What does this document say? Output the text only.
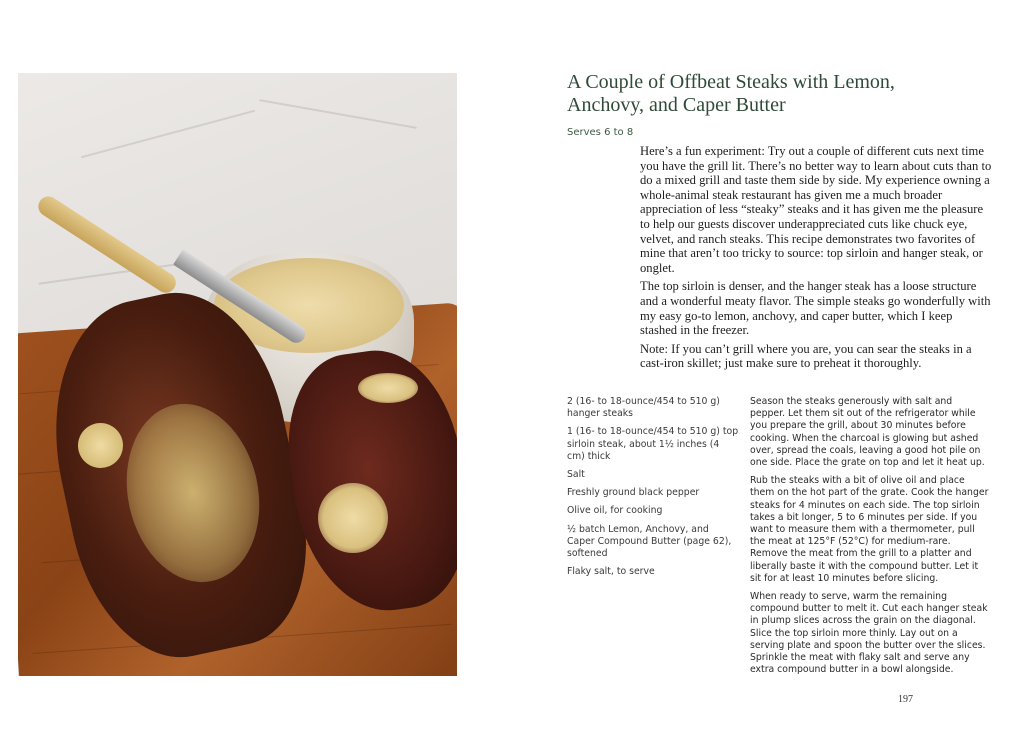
A Couple of Offbeat Steaks with Lemon,
Anchovy, and Caper Butter
Serves 6 to 8

Here’s a fun experiment: Try out a couple of different cuts next time you have the grill lit. There’s no better way to learn about cuts than to do a mixed grill and taste them side by side. My experience owning a whole-animal steak restaurant has given me a much broader appreciation of less “steaky” steaks and it has given me the pleasure to help our guests discover underappreciated cuts like chuck eye, velvet, and ranch steaks. This recipe demonstrates two favorites of mine that aren’t too tricky to source: top sirloin and hanger steak, or onglet.

The top sirloin is denser, and the hanger steak has a loose structure and a wonderful meaty flavor. The simple steaks go wonderfully with my easy go-to lemon, anchovy, and caper butter, which I keep stashed in the freezer.

Note: If you can’t grill where you are, you can sear the steaks in a cast-iron skillet; just make sure to preheat it thoroughly.

2 (16- to 18-ounce/454 to 510 g) hanger steaks
1 (16- to 18-ounce/454 to 510 g) top sirloin steak, about 1½ inches (4 cm) thick
Salt
Freshly ground black pepper
Olive oil, for cooking
½ batch Lemon, Anchovy, and Caper Compound Butter (page 62), softened
Flaky salt, to serve

Season the steaks generously with salt and pepper. Let them sit out of the refrigerator while you prepare the grill, about 30 minutes before cooking. When the charcoal is glowing but ashed over, spread the coals, leaving a good hot pile on one side. Place the grate on top and let it heat up.

Rub the steaks with a bit of olive oil and place them on the hot part of the grate. Cook the hanger steaks for 4 minutes on each side. The top sirloin takes a bit longer, 5 to 6 minutes per side. If you want to measure them with a thermometer, pull the meat at 125°F (52°C) for medium-rare. Remove the meat from the grill to a platter and liberally baste it with the compound butter. Let it sit for at least 10 minutes before slicing.

When ready to serve, warm the remaining compound butter to melt it. Cut each hanger steak in plump slices across the grain on the diagonal. Slice the top sirloin more thinly. Lay out on a serving plate and spoon the butter over the slices. Sprinkle the meat with flaky salt and serve any extra compound butter in a bowl alongside.

197
